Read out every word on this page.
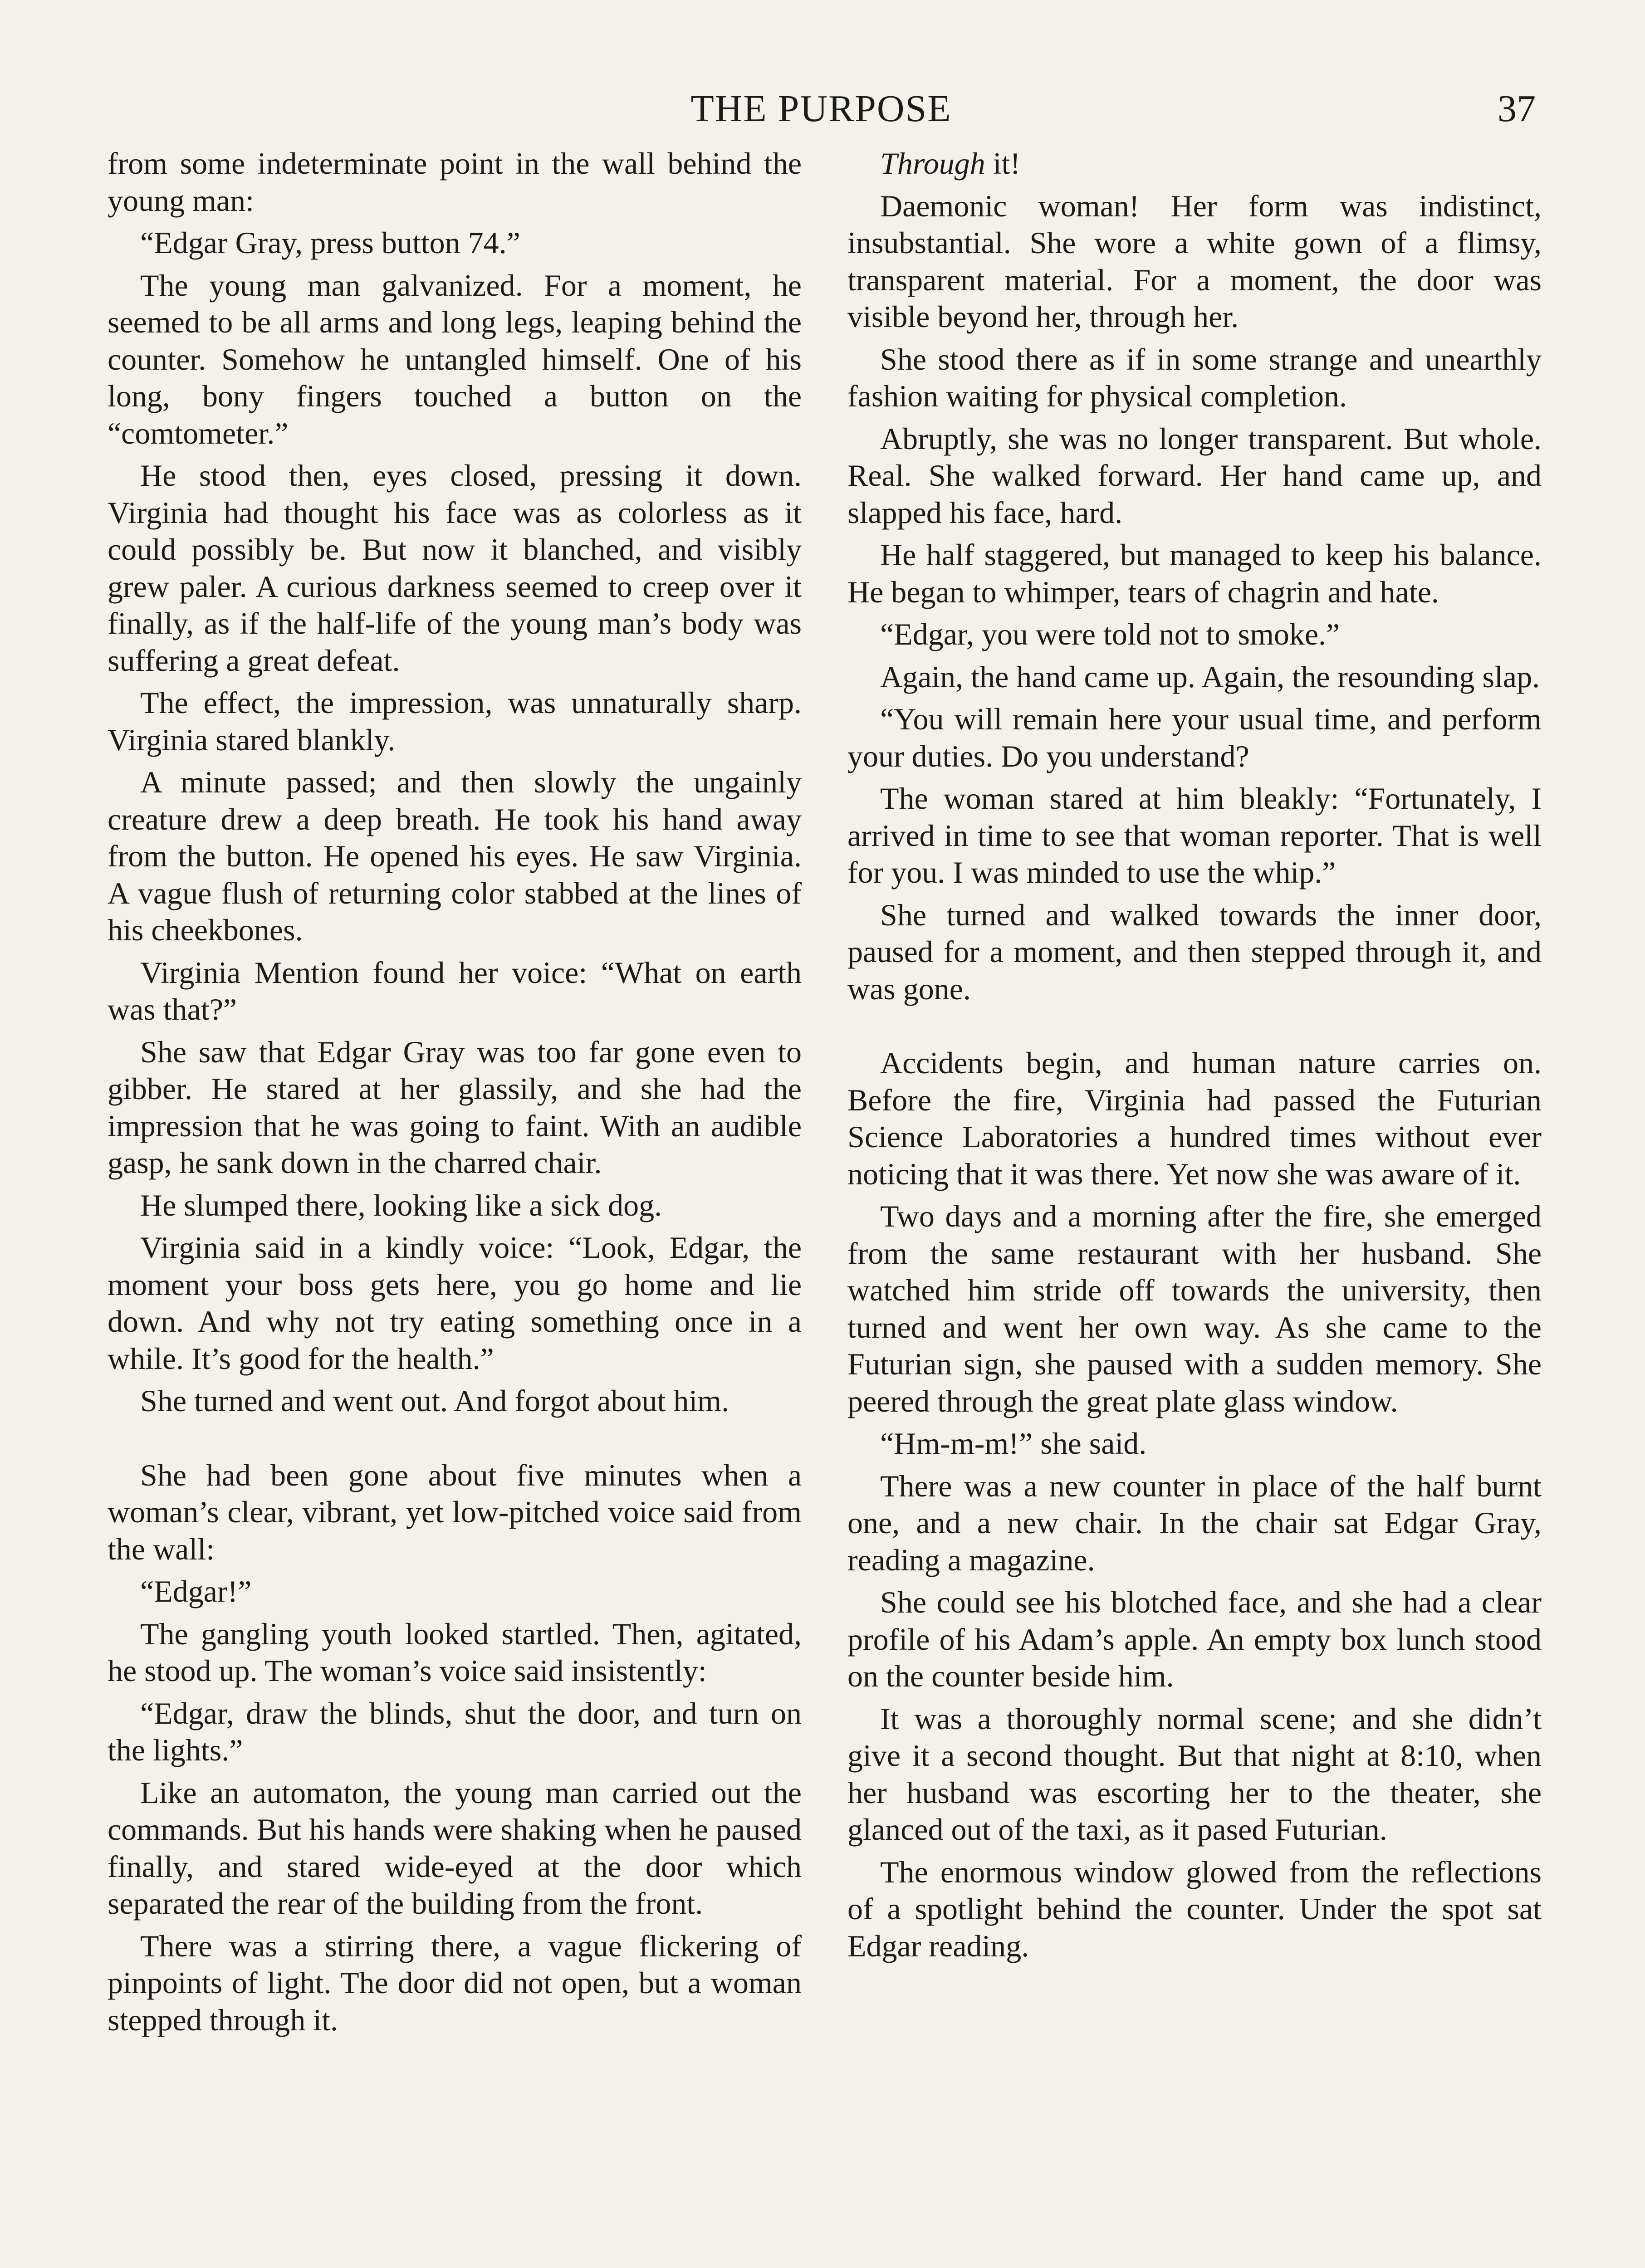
THE PURPOSE	37

from some indeterminate point in the wall behind the young man:

“Edgar Gray, press button 74.”

The young man galvanized. For a moment, he seemed to be all arms and long legs, leaping behind the counter. Somehow he untangled himself. One of his long, bony fingers touched a button on the “comtometer.”

He stood then, eyes closed, pressing it down. Virginia had thought his face was as colorless as it could possibly be. But now it blanched, and visibly grew paler. A curious darkness seemed to creep over it finally, as if the half-life of the young man’s body was suffering a great defeat.

The effect, the impression, was unnaturally sharp. Virginia stared blankly.

A minute passed; and then slowly the ungainly creature drew a deep breath. He took his hand away from the button. He opened his eyes. He saw Virginia. A vague flush of returning color stabbed at the lines of his cheekbones.

Virginia Mention found her voice: “What on earth was that?”

She saw that Edgar Gray was too far gone even to gibber. He stared at her glassily, and she had the impression that he was going to faint. With an audible gasp, he sank down in the charred chair.

He slumped there, looking like a sick dog.

Virginia said in a kindly voice: “Look, Edgar, the moment your boss gets here, you go home and lie down. And why not try eating something once in a while. It’s good for the health.”

She turned and went out. And forgot about him.

She had been gone about five minutes when a woman’s clear, vibrant, yet low-pitched voice said from the wall:

“Edgar!”

The gangling youth looked startled. Then, agitated, he stood up. The woman’s voice said insistently:

“Edgar, draw the blinds, shut the door, and turn on the lights.”

Like an automaton, the young man carried out the commands. But his hands were shaking when he paused finally, and stared wide-eyed at the door which separated the rear of the building from the front.

There was a stirring there, a vague flickering of pinpoints of light. The door did not open, but a woman stepped through it.

Through it!

Daemonic woman! Her form was indistinct, insubstantial. She wore a white gown of a flimsy, transparent material. For a moment, the door was visible beyond her, through her.

She stood there as if in some strange and unearthly fashion waiting for physical completion.

Abruptly, she was no longer transparent. But whole. Real. She walked forward. Her hand came up, and slapped his face, hard.

He half staggered, but managed to keep his balance. He began to whimper, tears of chagrin and hate.

“Edgar, you were told not to smoke.”

Again, the hand came up. Again, the resounding slap.

“You will remain here your usual time, and perform your duties. Do you understand?

The woman stared at him bleakly: “Fortunately, I arrived in time to see that woman reporter. That is well for you. I was minded to use the whip.”

She turned and walked towards the inner door, paused for a moment, and then stepped through it, and was gone.

Accidents begin, and human nature carries on. Before the fire, Virginia had passed the Futurian Science Laboratories a hundred times without ever noticing that it was there. Yet now she was aware of it.

Two days and a morning after the fire, she emerged from the same restaurant with her husband. She watched him stride off towards the university, then turned and went her own way. As she came to the Futurian sign, she paused with a sudden memory. She peered through the great plate glass window.

“Hm-m-m!” she said.

There was a new counter in place of the half burnt one, and a new chair. In the chair sat Edgar Gray, reading a magazine.

She could see his blotched face, and she had a clear profile of his Adam’s apple. An empty box lunch stood on the counter beside him.

It was a thoroughly normal scene; and she didn’t give it a second thought. But that night at 8:10, when her husband was escorting her to the theater, she glanced out of the taxi, as it pased Futurian.

The enormous window glowed from the reflections of a spotlight behind the counter. Under the spot sat Edgar reading.
